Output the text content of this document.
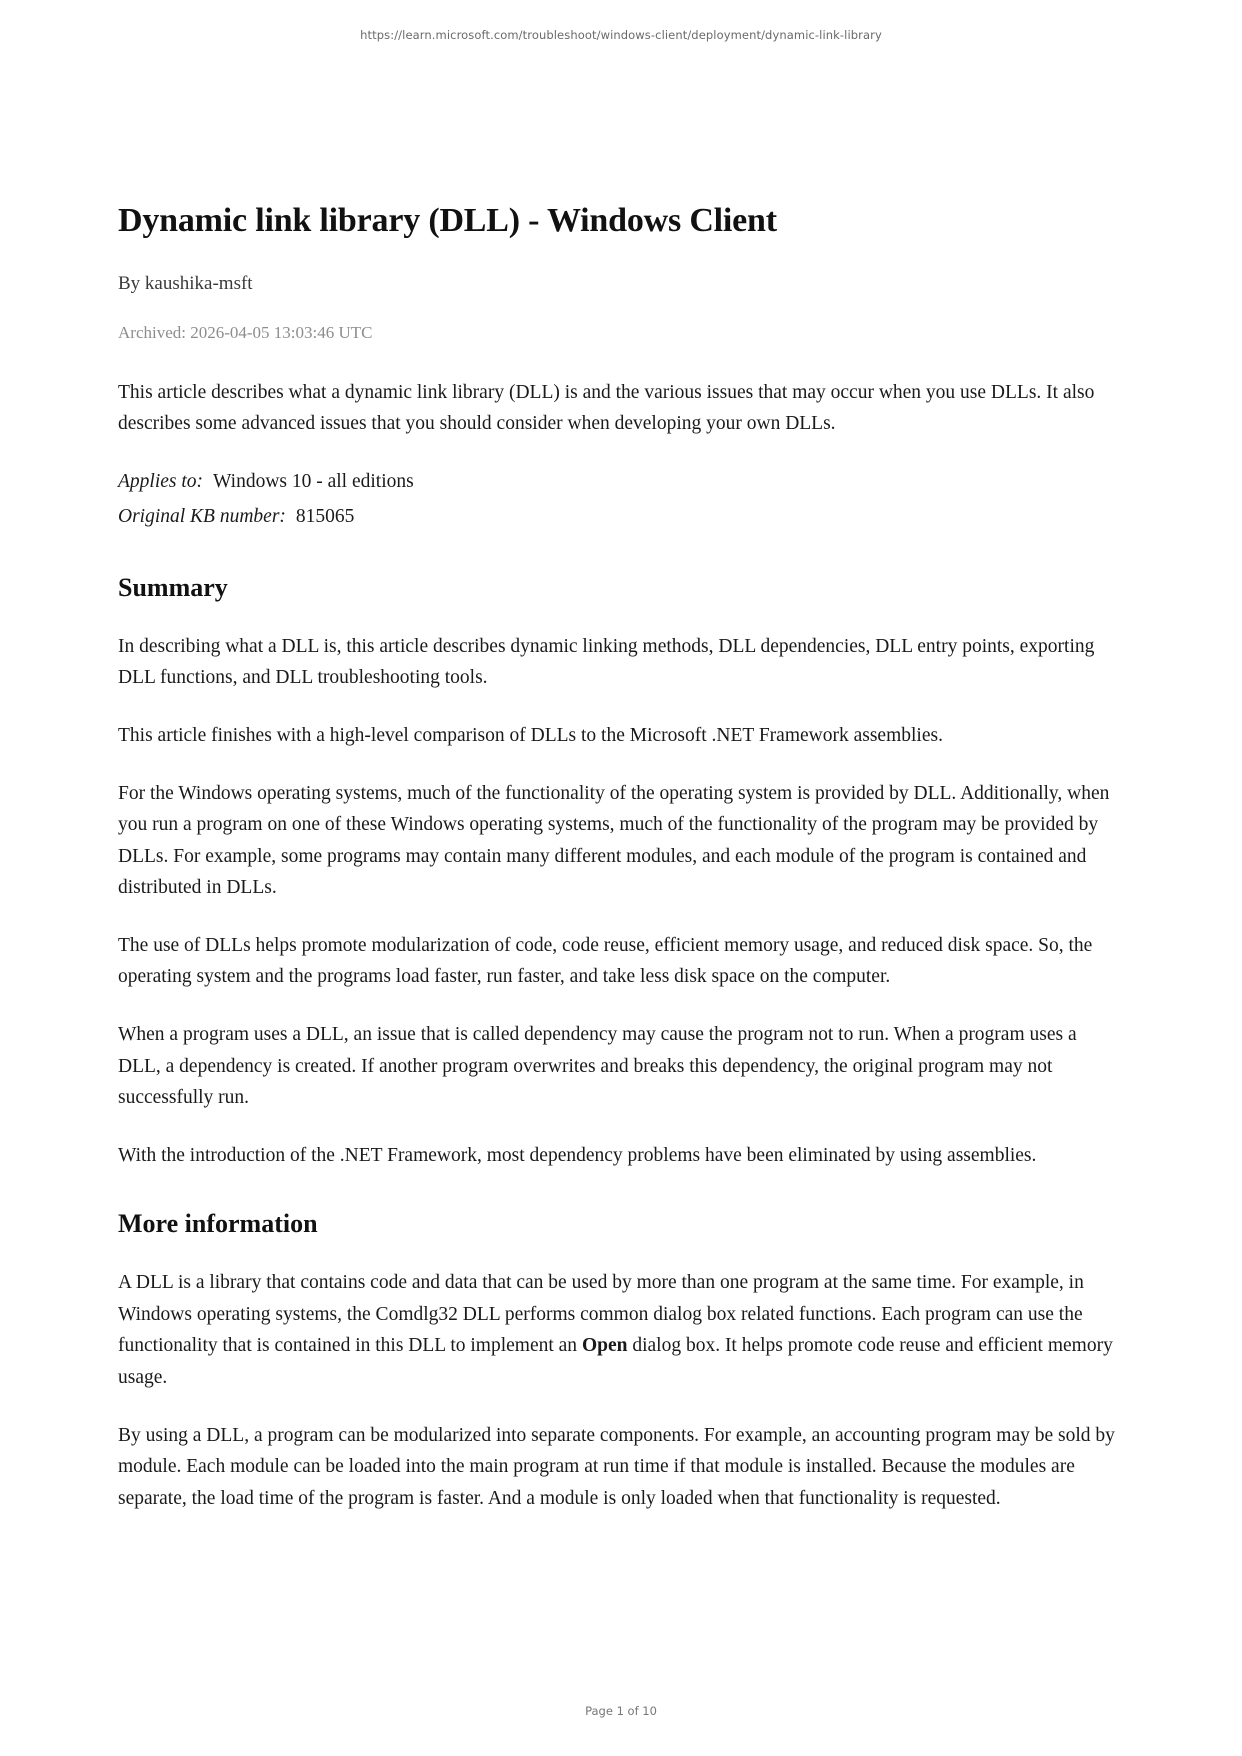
https://learn.microsoft.com/troubleshoot/windows-client/deployment/dynamic-link-library
Dynamic link library (DLL) - Windows Client

By kaushika-msft

Archived: 2026-04-05 13:03:46 UTC

This article describes what a dynamic link library (DLL) is and the various issues that may occur when you use DLLs. It also describes some advanced issues that you should consider when developing your own DLLs.

Applies to: Windows 10 - all editions
Original KB number: 815065
Summary

In describing what a DLL is, this article describes dynamic linking methods, DLL dependencies, DLL entry points, exporting DLL functions, and DLL troubleshooting tools.

This article finishes with a high-level comparison of DLLs to the Microsoft .NET Framework assemblies.

For the Windows operating systems, much of the functionality of the operating system is provided by DLL. Additionally, when you run a program on one of these Windows operating systems, much of the functionality of the program may be provided by DLLs. For example, some programs may contain many different modules, and each module of the program is contained and distributed in DLLs.

The use of DLLs helps promote modularization of code, code reuse, efficient memory usage, and reduced disk space. So, the operating system and the programs load faster, run faster, and take less disk space on the computer.

When a program uses a DLL, an issue that is called dependency may cause the program not to run. When a program uses a DLL, a dependency is created. If another program overwrites and breaks this dependency, the original program may not successfully run.

With the introduction of the .NET Framework, most dependency problems have been eliminated by using assemblies.

More information

A DLL is a library that contains code and data that can be used by more than one program at the same time. For example, in Windows operating systems, the Comdlg32 DLL performs common dialog box related functions. Each program can use the functionality that is contained in this DLL to implement an Open dialog box. It helps promote code reuse and efficient memory usage.

By using a DLL, a program can be modularized into separate components. For example, an accounting program may be sold by module. Each module can be loaded into the main program at run time if that module is installed. Because the modules are separate, the load time of the program is faster. And a module is only loaded when that functionality is requested.

Page 1 of 10
